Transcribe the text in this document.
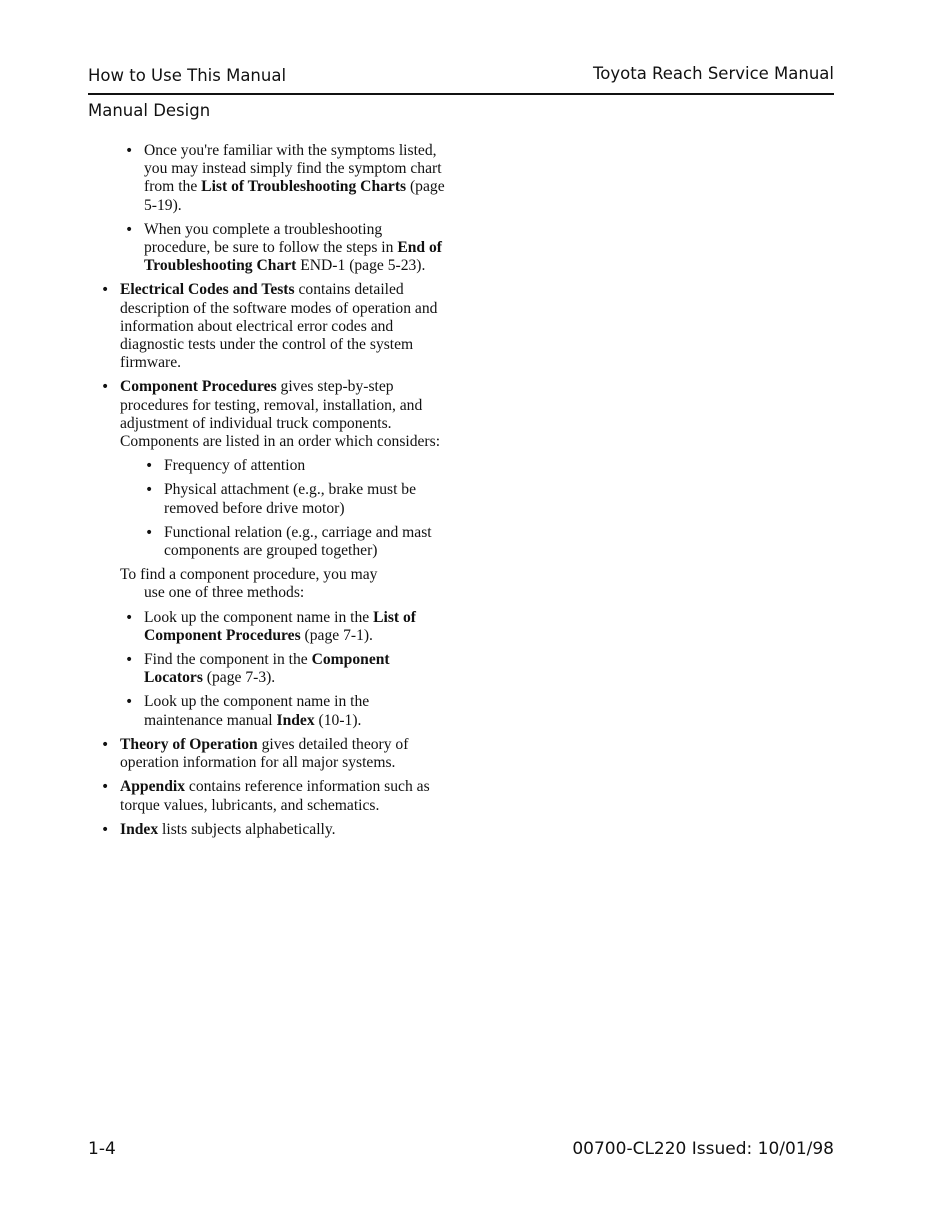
How to Use This Manual	Toyota Reach Service Manual
Manual Design
• Once you're familiar with the symptoms listed, you may instead simply find the symptom chart from the List of Troubleshooting Charts (page 5-19).
• When you complete a troubleshooting procedure, be sure to follow the steps in End of Troubleshooting Chart END-1 (page 5-23).
• Electrical Codes and Tests contains detailed description of the software modes of operation and information about electrical error codes and diagnostic tests under the control of the system firmware.
• Component Procedures gives step-by-step procedures for testing, removal, installation, and adjustment of individual truck components. Components are listed in an order which considers:
• Frequency of attention
• Physical attachment (e.g., brake must be removed before drive motor)
• Functional relation (e.g., carriage and mast components are grouped together)
To find a component procedure, you may
use one of three methods:
• Look up the component name in the List of Component Procedures (page 7-1).
• Find the component in the Component Locators (page 7-3).
• Look up the component name in the maintenance manual Index (10-1).
• Theory of Operation gives detailed theory of operation information for all major systems.
• Appendix contains reference information such as torque values, lubricants, and schematics.
• Index lists subjects alphabetically.
1-4	00700-CL220 Issued: 10/01/98
